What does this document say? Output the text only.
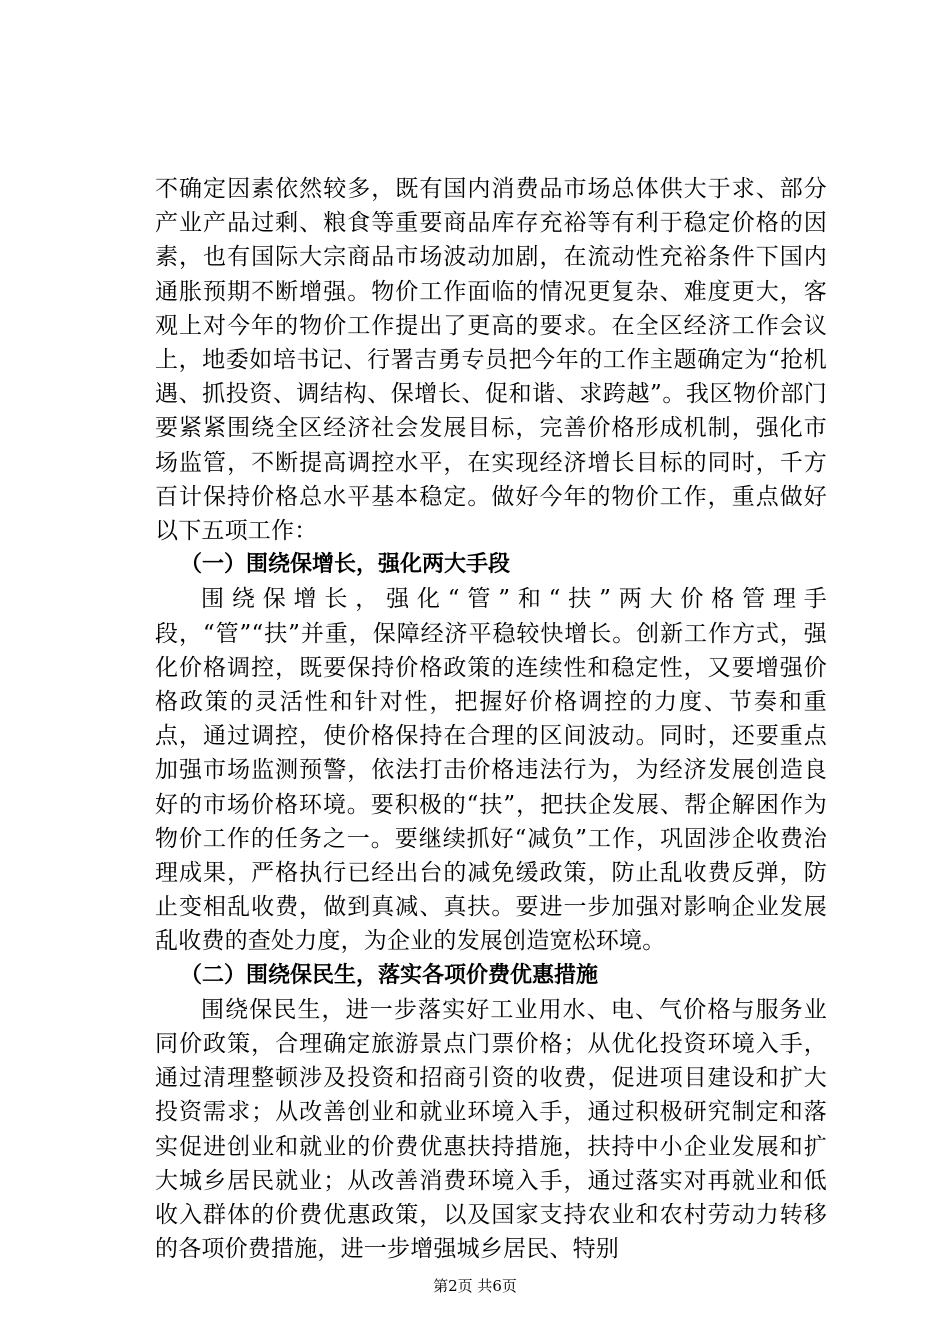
不确定因素依然较多，既有国内消费品市场总体供大于求、部分产业产品过剩、粮食等重要商品库存充裕等有利于稳定价格的因素，也有国际大宗商品市场波动加剧，在流动性充裕条件下国内通胀预期不断增强。物价工作面临的情况更复杂、难度更大，客观上对今年的物价工作提出了更高的要求。在全区经济工作会议上，地委如培书记、行署吉勇专员把今年的工作主题确定为“抢机遇、抓投资、调结构、保增长、促和谐、求跨越”。我区物价部门要紧紧围绕全区经济社会发展目标，完善价格形成机制，强化市场监管，不断提高调控水平，在实现经济增长目标的同时，千方百计保持价格总水平基本稳定。做好今年的物价工作，重点做好以下五项工作：

（一）围绕保增长，强化两大手段

围绕保增长，强化“管”和“扶”两大价格管理手段，“管”“扶”并重，保障经济平稳较快增长。创新工作方式，强化价格调控，既要保持价格政策的连续性和稳定性，又要增强价格政策的灵活性和针对性，把握好价格调控的力度、节奏和重点，通过调控，使价格保持在合理的区间波动。同时，还要重点加强市场监测预警，依法打击价格违法行为，为经济发展创造良好的市场价格环境。要积极的“扶”，把扶企发展、帮企解困作为物价工作的任务之一。要继续抓好“减负”工作，巩固涉企收费治理成果，严格执行已经出台的减免缓政策，防止乱收费反弹，防止变相乱收费，做到真减、真扶。要进一步加强对影响企业发展乱收费的查处力度，为企业的发展创造宽松环境。

（二）围绕保民生，落实各项价费优惠措施

围绕保民生，进一步落实好工业用水、电、气价格与服务业同价政策，合理确定旅游景点门票价格；从优化投资环境入手，通过清理整顿涉及投资和招商引资的收费，促进项目建设和扩大投资需求；从改善创业和就业环境入手，通过积极研究制定和落实促进创业和就业的价费优惠扶持措施，扶持中小企业发展和扩大城乡居民就业；从改善消费环境入手，通过落实对再就业和低收入群体的价费优惠政策，以及国家支持农业和农村劳动力转移的各项价费措施，进一步增强城乡居民、特别

第2页 共6页
